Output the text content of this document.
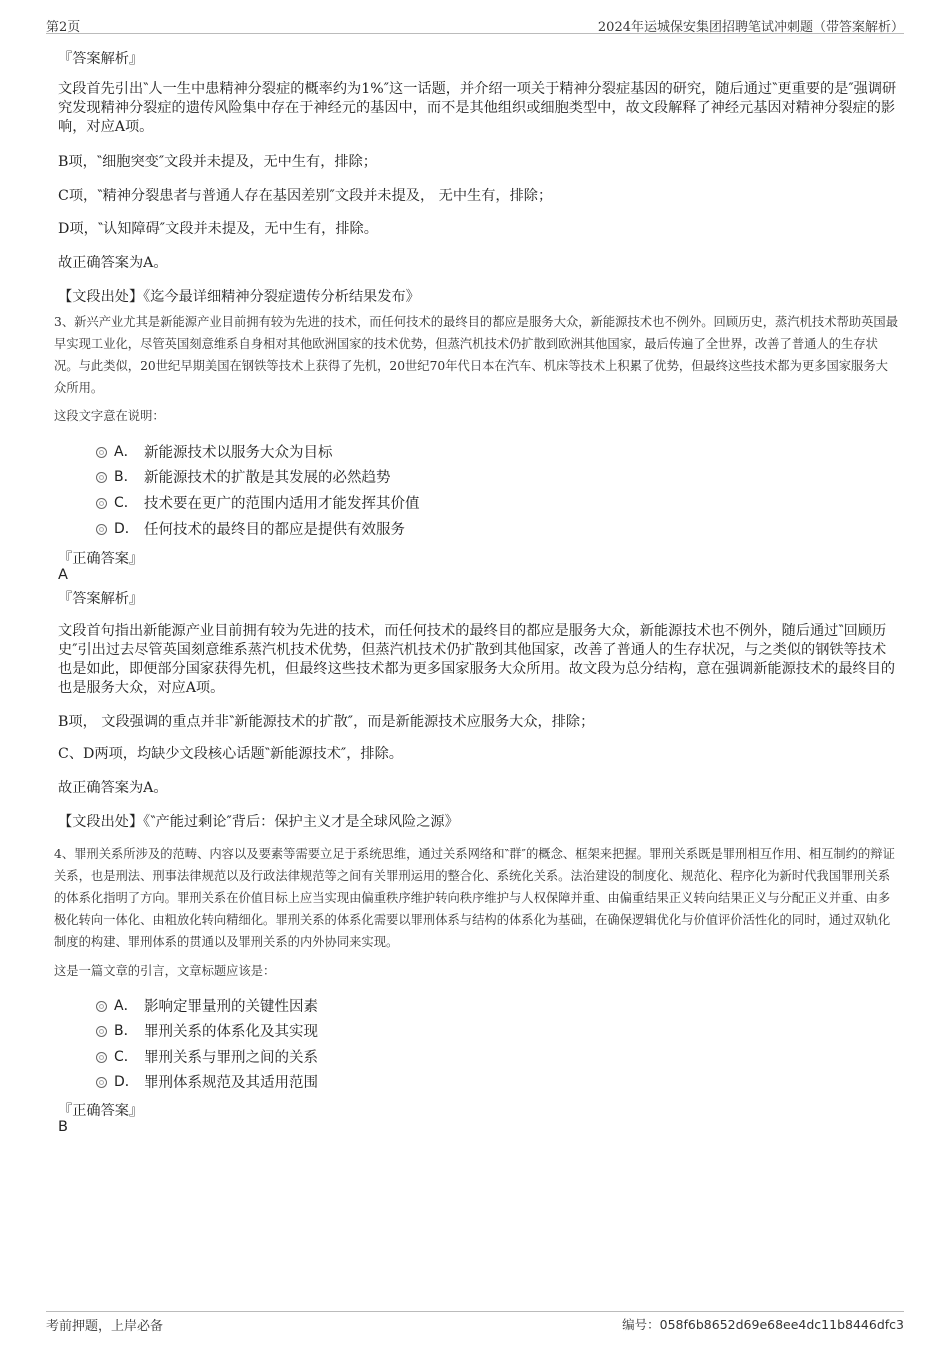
第2页	2024年运城保安集团招聘笔试冲刺题（带答案解析）
『答案解析』
文段首先引出‶人一生中患精神分裂症的概率约为1%″这一话题，并介绍一项关于精神分裂症基因的研究，随后通过‶更重要的是″强调研究发现精神分裂症的遗传风险集中存在于神经元的基因中，而不是其他组织或细胞类型中，故文段解释了神经元基因对精神分裂症的影响，对应A项。
B项，‶细胞突变″文段并未提及，无中生有，排除；
C项，‶精神分裂患者与普通人存在基因差别″文段并未提及， 无中生有，排除；
D项，‶认知障碍″文段并未提及，无中生有，排除。
故正确答案为A。
【文段出处】《迄今最详细精神分裂症遗传分析结果发布》
3、新兴产业尤其是新能源产业目前拥有较为先进的技术，而任何技术的最终目的都应是服务大众，新能源技术也不例外。回顾历史，蒸汽机技术帮助英国最早实现工业化，尽管英国刻意维系自身相对其他欧洲国家的技术优势，但蒸汽机技术仍扩散到欧洲其他国家，最后传遍了全世界，改善了普通人的生存状况。与此类似，20世纪早期美国在钢铁等技术上获得了先机，20世纪70年代日本在汽车、机床等技术上积累了优势，但最终这些技术都为更多国家服务大众所用。
这段文字意在说明：
A． 新能源技术以服务大众为目标
B． 新能源技术的扩散是其发展的必然趋势
C． 技术要在更广的范围内适用才能发挥其价值
D． 任何技术的最终目的都应是提供有效服务
『正确答案』
A
『答案解析』
文段首句指出新能源产业目前拥有较为先进的技术，而任何技术的最终目的都应是服务大众，新能源技术也不例外，随后通过‶回顾历史″引出过去尽管英国刻意维系蒸汽机技术优势，但蒸汽机技术仍扩散到其他国家，改善了普通人的生存状况，与之类似的钢铁等技术也是如此，即便部分国家获得先机，但最终这些技术都为更多国家服务大众所用。故文段为总分结构，意在强调新能源技术的最终目的也是服务大众，对应A项。
B项， 文段强调的重点并非‶新能源技术的扩散″，而是新能源技术应服务大众，排除；
C、D两项，均缺少文段核心话题‶新能源技术″，排除。
故正确答案为A。
【文段出处】《‶产能过剩论″背后：保护主义才是全球风险之源》
4、罪刑关系所涉及的范畴、内容以及要素等需要立足于系统思维，通过关系网络和‶群″的概念、框架来把握。罪刑关系既是罪刑相互作用、相互制约的辩证关系，也是刑法、刑事法律规范以及行政法律规范等之间有关罪刑运用的整合化、系统化关系。法治建设的制度化、规范化、程序化为新时代我国罪刑关系的体系化指明了方向。罪刑关系在价值目标上应当实现由偏重秩序维护转向秩序维护与人权保障并重、由偏重结果正义转向结果正义与分配正义并重、由多极化转向一体化、由粗放化转向精细化。罪刑关系的体系化需要以罪刑体系与结构的体系化为基础，在确保逻辑优化与价值评价活性化的同时，通过双轨化制度的构建、罪刑体系的贯通以及罪刑关系的内外协同来实现。
这是一篇文章的引言，文章标题应该是：
A． 影响定罪量刑的关键性因素
B． 罪刑关系的体系化及其实现
C． 罪刑关系与罪刑之间的关系
D． 罪刑体系规范及其适用范围
『正确答案』
B
考前押题，上岸必备	编号：058f6b8652d69e68ee4dc11b8446dfc3
